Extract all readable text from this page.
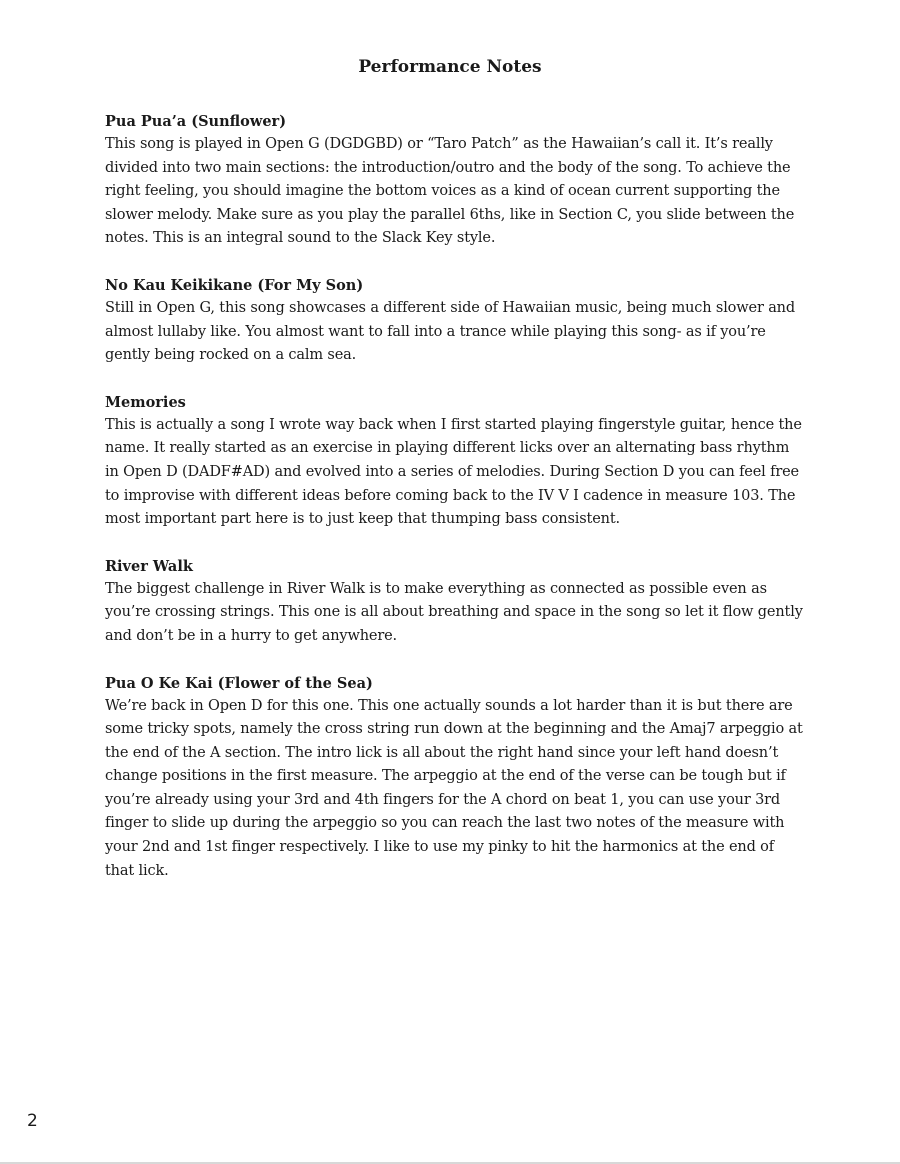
Performance Notes
Pua Pua’a (Sunflower)

This song is played in Open G (DGDGBD) or “Taro Patch” as the Hawaiian’s call it. It’s really divided into two main sections: the introduction/outro and the body of the song. To achieve the right feeling, you should imagine the bottom voices as a kind of ocean current supporting the slower melody. Make sure as you play the parallel 6ths, like in Section C, you slide between the notes. This is an integral sound to the Slack Key style.

No Kau Keikikane (For My Son)

Still in Open G, this song showcases a different side of Hawaiian music, being much slower and almost lullaby like. You almost want to fall into a trance while playing this song- as if you’re gently being rocked on a calm sea.

Memories

This is actually a song I wrote way back when I first started playing fingerstyle guitar, hence the name. It really started as an exercise in playing different licks over an alternating bass rhythm in Open D (DADF#AD) and evolved into a series of melodies. During Section D you can feel free to improvise with different ideas before coming back to the IV V I cadence in measure 103. The most important part here is to just keep that thumping bass consistent.

River Walk

The biggest challenge in River Walk is to make everything as connected as possible even as you’re crossing strings. This one is all about breathing and space in the song so let it flow gently and don’t be in a hurry to get anywhere.

Pua O Ke Kai (Flower of the Sea)

We’re back in Open D for this one. This one actually sounds a lot harder than it is but there are some tricky spots, namely the cross string run down at the beginning and the Amaj7 arpeggio at the end of the A section. The intro lick is all about the right hand since your left hand doesn’t change positions in the first measure. The arpeggio at the end of the verse can be tough but if you’re already using your 3rd and 4th fingers for the A chord on beat 1, you can use your 3rd finger to slide up during the arpeggio so you can reach the last two notes of the measure with your 2nd and 1st finger respectively. I like to use my pinky to hit the harmonics at the end of that lick.

2
